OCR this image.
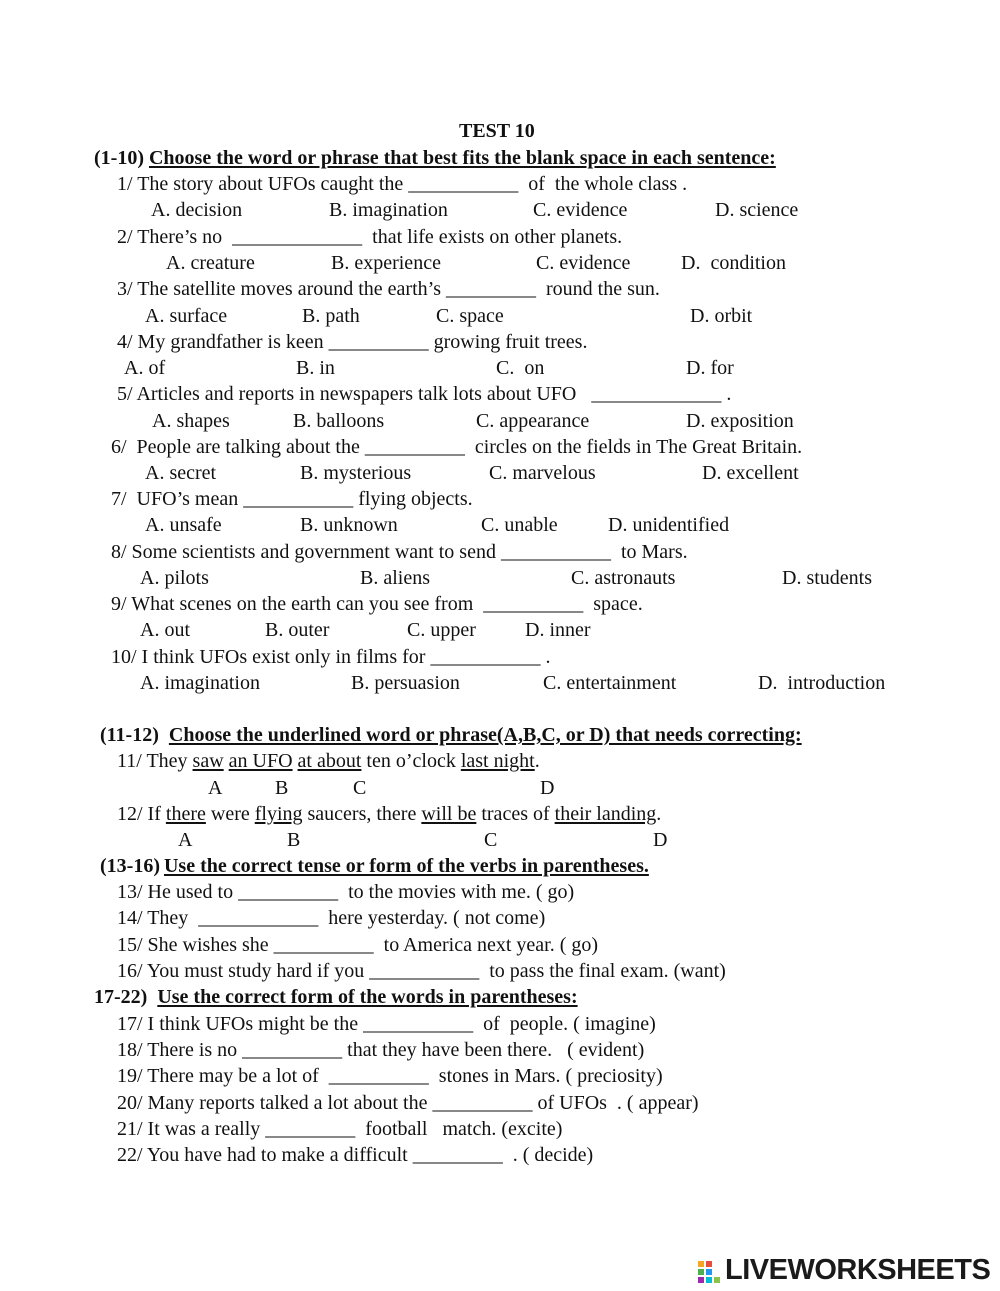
TEST 10
(1-10) Choose the word or phrase that best fits the blank space in each sentence:
1/ The story about UFOs caught the ___________  of  the whole class .
A. decision	B. imagination	C. evidence	D. science
2/ There’s no  _____________  that life exists on other planets.
A. creature	B. experience	C. evidence	D.  condition
3/ The satellite moves around the earth’s _________  round the sun.
A. surface	B. path	C. space	D. orbit
4/ My grandfather is keen __________ growing fruit trees.
A. of	B. in	C.  on	D. for
5/ Articles and reports in newspapers talk lots about UFO   _____________ .
A. shapes	B. balloons	C. appearance	D. exposition
6/  People are talking about the __________  circles on the fields in The Great Britain.
A. secret	B. mysterious	C. marvelous	D. excellent
7/  UFO’s mean ___________ flying objects.
A. unsafe	B. unknown	C. unable	D. unidentified
8/ Some scientists and government want to send ___________  to Mars.
A. pilots	B. aliens	C. astronauts	D. students
9/ What scenes on the earth can you see from  __________  space.
A. out	B. outer	C. upper D. inner
10/ I think UFOs exist only in films for ___________ .
A. imagination	B. persuasion	C. entertainment	D.  introduction
(11-12) Choose the underlined word or phrase(A,B,C, or D) that needs correcting:
11/ They saw an UFO at about ten o’clock last night.
A	B	C	D
12/ If there were flying saucers, there will be traces of their landing.
A	B	C	D
(13-16) Use the correct tense or form of the verbs in parentheses.
13/ He used to __________  to the movies with me. ( go)
14/ They  ____________  here yesterday. ( not come)
15/ She wishes she __________  to America next year. ( go)
16/ You must study hard if you ___________  to pass the final exam. (want)
17-22) Use the correct form of the words in parentheses:
17/ I think UFOs might be the ___________  of  people. ( imagine)
18/ There is no __________ that they have been there.   ( evident)
19/ There may be a lot of  __________  stones in Mars. ( preciosity)
20/ Many reports talked a lot about the __________ of UFOs  . ( appear)
21/ It was a really _________  football   match. (excite)
22/ You have had to make a difficult _________  . ( decide)
LIVEWORKSHEETS
